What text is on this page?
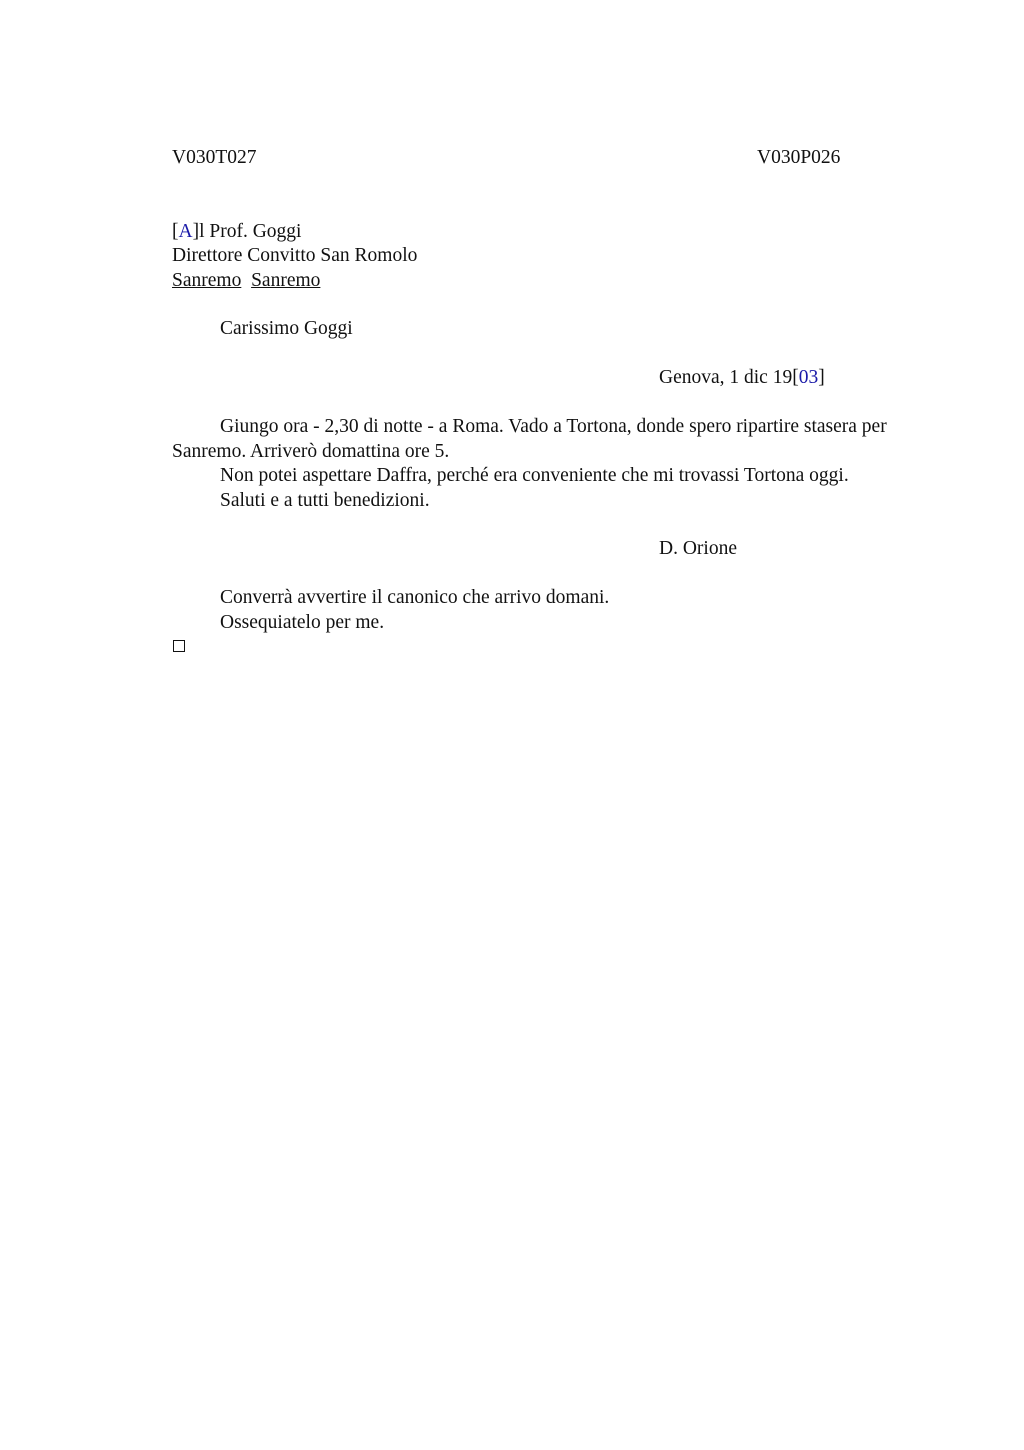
V030T027	V030P026
[A]l Prof. Goggi
Direttore Convitto San Romolo
Sanremo Sanremo
Carissimo Goggi
Genova, 1 dic 19[03]
Giungo ora - 2,30 di notte - a Roma. Vado a Tortona, donde spero ripartire stasera per Sanremo. Arriverò domattina ore 5.
Non potei aspettare Daffra, perché era conveniente che mi trovassi Tortona oggi.
Saluti e a tutti benedizioni.
D. Orione
Converrà avvertire il canonico che arrivo domani.
Ossequiatelo per me.
